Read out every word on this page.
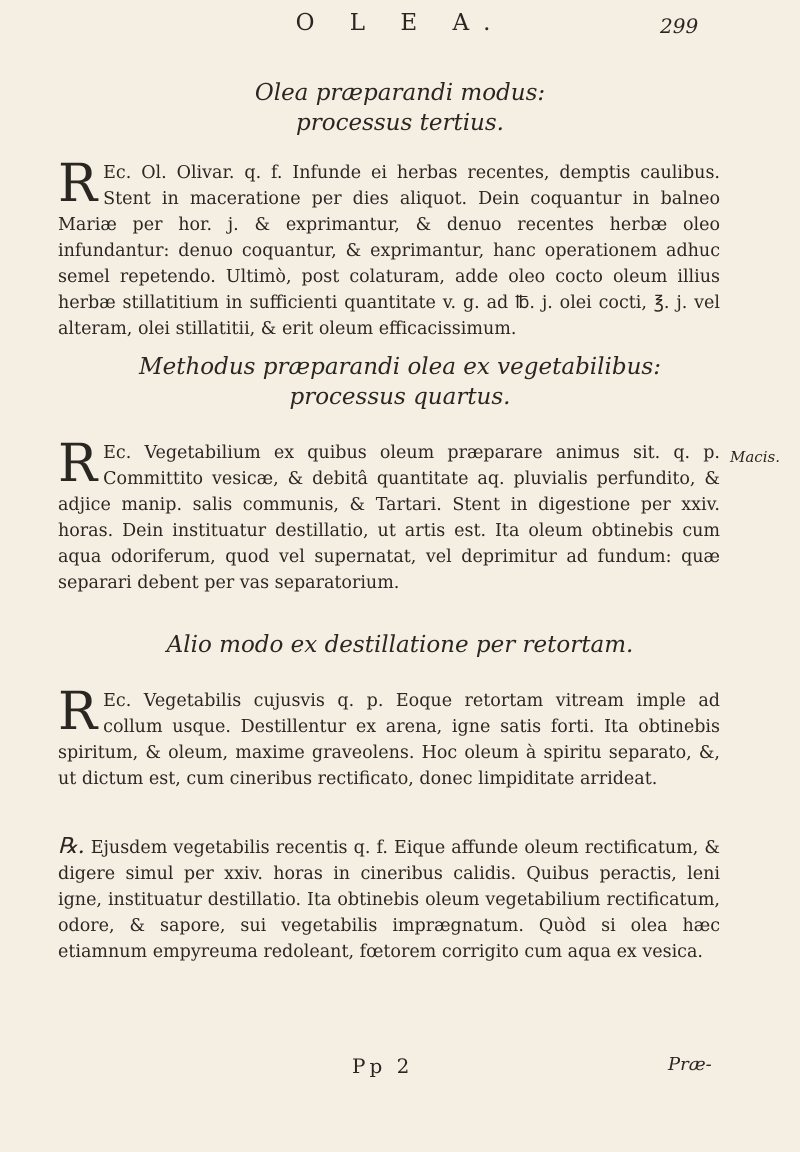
O L E A.	299
Olea præparandi modus:
processus tertius.
R Ec. Ol. Olivar. q. f. Infunde ei herbas recentes, demptis caulibus. Stent in maceratione per dies aliquot. Dein coquantur in balneo Mariæ per hor. j. & exprimantur, & denuo recentes herbæ oleo infundantur: denuo coquantur, & exprimantur, hanc operationem adhuc semel repetendo. Ultimò, post colaturam, adde oleo cocto oleum illius herbæ stillatitium in sufficienti quantitate v. g. ad ℔. j. olei cocti, ℥. j. vel alteram, olei stillatitii, & erit oleum efficacissimum.

Methodus præparandi olea ex vegetabilibus:
processus quartus.
R Ec. Vegetabilium ex quibus oleum præparare animus sit. q. p. Committito vesicæ, & debitâ quantitate aq. pluvialis perfundito, & adjice manip. salis communis, & Tartari. Stent in digestione per xxiv. horas. Dein instituatur destillatio, ut artis est. Ita oleum obtinebis cum aqua odoriferum, quod vel supernatat, vel deprimitur ad fundum: quæ separari debent per vas separatorium.

Macis.
Alio modo ex destillatione per retortam.
R Ec. Vegetabilis cujusvis q. p. Eoque retortam vitream imple ad collum usque. Destillentur ex arena, igne satis forti. Ita obtinebis spiritum, & oleum, maxime graveolens. Hoc oleum à spiritu separato, &, ut dictum est, cum cineribus rectificato, donec limpiditate arrideat.

℞. Ejusdem vegetabilis recentis q. f. Eique affunde oleum rectificatum, & digere simul per xxiv. horas in cineribus calidis. Quibus peractis, leni igne, instituatur destillatio. Ita obtinebis oleum vegetabilium rectificatum, odore, & sapore, sui vegetabilis imprægnatum. Quòd si olea hæc etiamnum empyreuma redoleant, fœtorem corrigito cum aqua ex vesica.

Pp 2	Præ-
